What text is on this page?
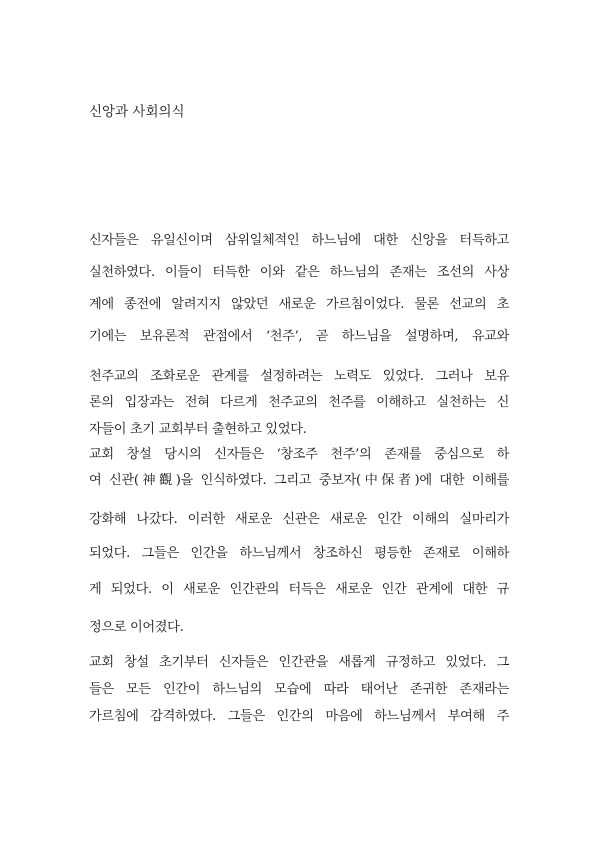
신앙과 사회의식
신자들은 유일신이며 삼위일체적인 하느님에 대한 신앙을 터득하고
실천하였다. 이들이 터득한 이와 같은 하느님의 존재는 조선의 사상
계에 종전에 알려지지 않았던 새로운 가르침이었다. 물론 선교의 초
기에는 보유론적 관점에서 ‘천주’, 곧 하느님을 설명하며, 유교와
천주교의 조화로운 관계를 설정하려는 노력도 있었다. 그러나 보유
론의 입장과는 전혀 다르게 천주교의 천주를 이해하고 실천하는 신
자들이 초기 교회부터 출현하고 있었다.
교회 창설 당시의 신자들은 ‘창조주 천주’의 존재를 중심으로 하
여 신관(神觀)을 인식하였다. 그리고 중보자(中保者)에 대한 이해를
강화해 나갔다. 이러한 새로운 신관은 새로운 인간 이해의 실마리가
되었다. 그들은 인간을 하느님께서 창조하신 평등한 존재로 이해하
게 되었다. 이 새로운 인간관의 터득은 새로운 인간 관계에 대한 규
정으로 이어졌다.
교회 창설 초기부터 신자들은 인간관을 새롭게 규정하고 있었다. 그
들은 모든 인간이 하느님의 모습에 따라 태어난 존귀한 존재라는
가르침에 감격하였다. 그들은 인간의 마음에 하느님께서 부여해 주
